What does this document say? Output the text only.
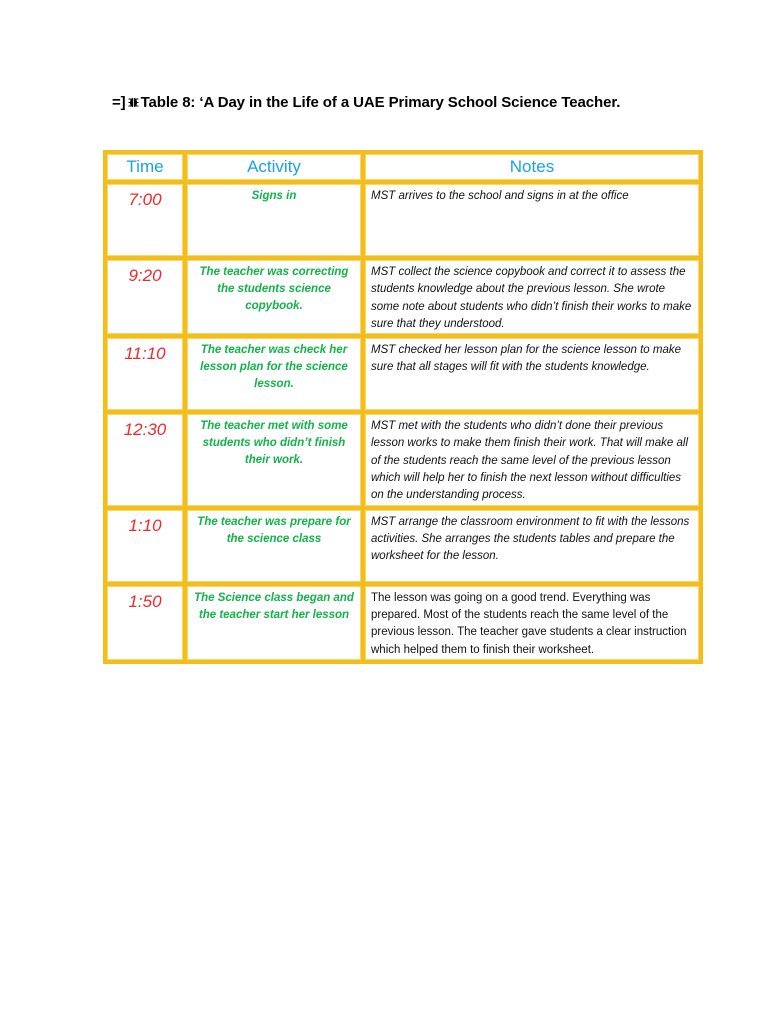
=] Table 8: ‘A Day in the Life of a UAE Primary School Science Teacher.
Time	Activity	Notes
7:00	Signs in	MST arrives to the school and signs in at the office
9:20	The teacher was correcting the students science copybook.	MST collect the science copybook and correct it to assess the students knowledge about the previous lesson. She wrote some note about students who didn’t finish their works to make sure that they understood.
11:10	The teacher was check her lesson plan for the science lesson.	MST checked her lesson plan for the science lesson to make sure that all stages will fit with the students knowledge.
12:30	The teacher met with some students who didn’t finish their work.	MST met with the students who didn’t done their previous lesson works to make them finish their work. That will make all of the students reach the same level of the previous lesson which will help her to finish the next lesson without difficulties on the understanding process.
1:10	The teacher was prepare for the science class	MST arrange the classroom environment to fit with the lessons activities. She arranges the students tables and prepare the worksheet for the lesson.
1:50	The Science class began and the teacher start her lesson	The lesson was going on a good trend. Everything was prepared. Most of the students reach the same level of the previous lesson. The teacher gave students a clear instruction which helped them to finish their worksheet.
